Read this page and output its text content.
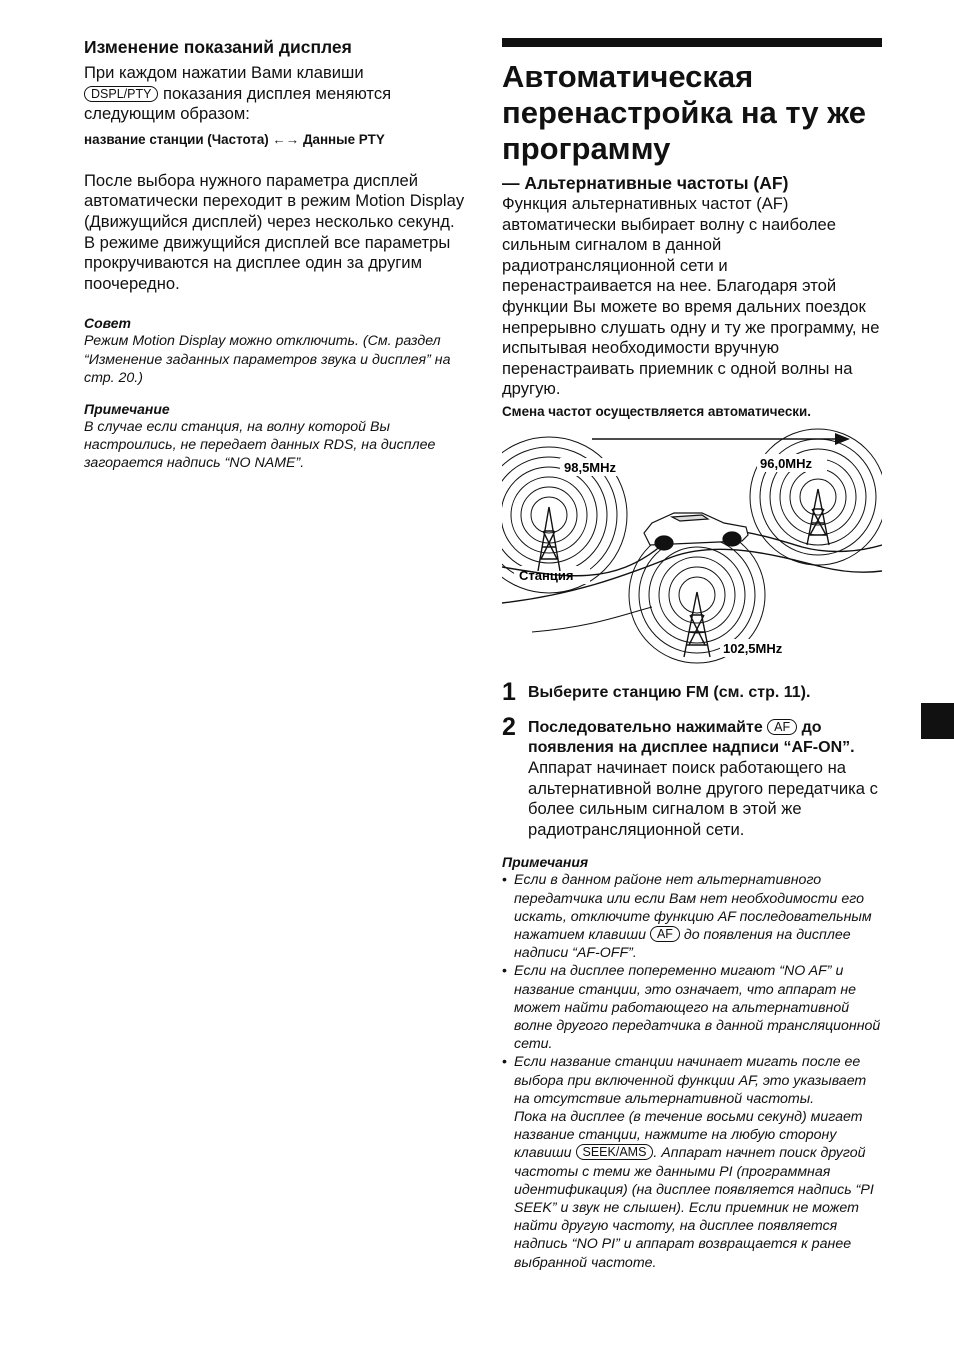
Изменение показаний дисплея

При каждом нажатии Вами клавиши
DSPL/PTY показания дисплея меняются следующим образом:

название станции (Частота) ←→ Данные PTY

После выбора нужного параметра дисплей автоматически переходит в режим Motion Display (Движущийся дисплей) через несколько секунд.

В режиме движущийся дисплей все параметры прокручиваются на дисплее один за другим поочередно.

Совет

Режим Motion Display можно отключить. (См. раздел “Изменение заданных параметров звука и дисплея” на стр. 20.)

Примечание

В случае если станция, на волну которой Вы настроились, не передает данных RDS, на дисплее загорается надпись “NO NAME”.

Автоматическая перенастройка на ту же программу
— Альтернативные частоты (AF)

Функция альтернативных частот (AF) автоматически выбирает волну с наиболее сильным сигналом в данной радиотрансляционной сети и перенастраивается на нее. Благодаря этой функции Вы можете во время дальних поездок непрерывно слушать одну и ту же программу, не испытывая необходимости вручную перенастраивать приемник с одной волны на другую.

Смена частот осуществляется автоматически.

98,5MHz	96,0MHz
Станция
102,5MHz
1 Выберите станцию FM (см. стр. 11).

2 Последовательно нажимайте AF до появления на дисплее надписи “AF-ON”.

Аппарат начинает поиск работающего на альтернативной волне другого передатчика с более сильным сигналом в этой же радиотрансляционной сети.

Примечания

• Если в данном районе нет альтернативного передатчика или если Вам нет необходимости его искать, отключите функцию AF последовательным нажатием клавиши AF до появления на дисплее надписи “AF-OFF”.
• Если на дисплее попеременно мигают “NO AF” и название станции, это означает, что аппарат не может найти работающего на альтернативной волне другого передатчика в данной трансляционной сети.
• Если название станции начинает мигать после ее выбора при включенной функции AF, это указывает на отсутствие альтернативной частоты.
Пока на дисплее (в течение восьми секунд) мигает название станции, нажмите на любую сторону клавиши SEEK/AMS . Аппарат начнет поиск другой частоты с теми же данными PI (программная идентификация) (на дисплее появляется надпись “PI SEEK” и звук не слышен). Если приемник не может найти другую частоту, на дисплее появляется надпись “NO PI” и аппарат возвращается к ранее выбранной частоте.
